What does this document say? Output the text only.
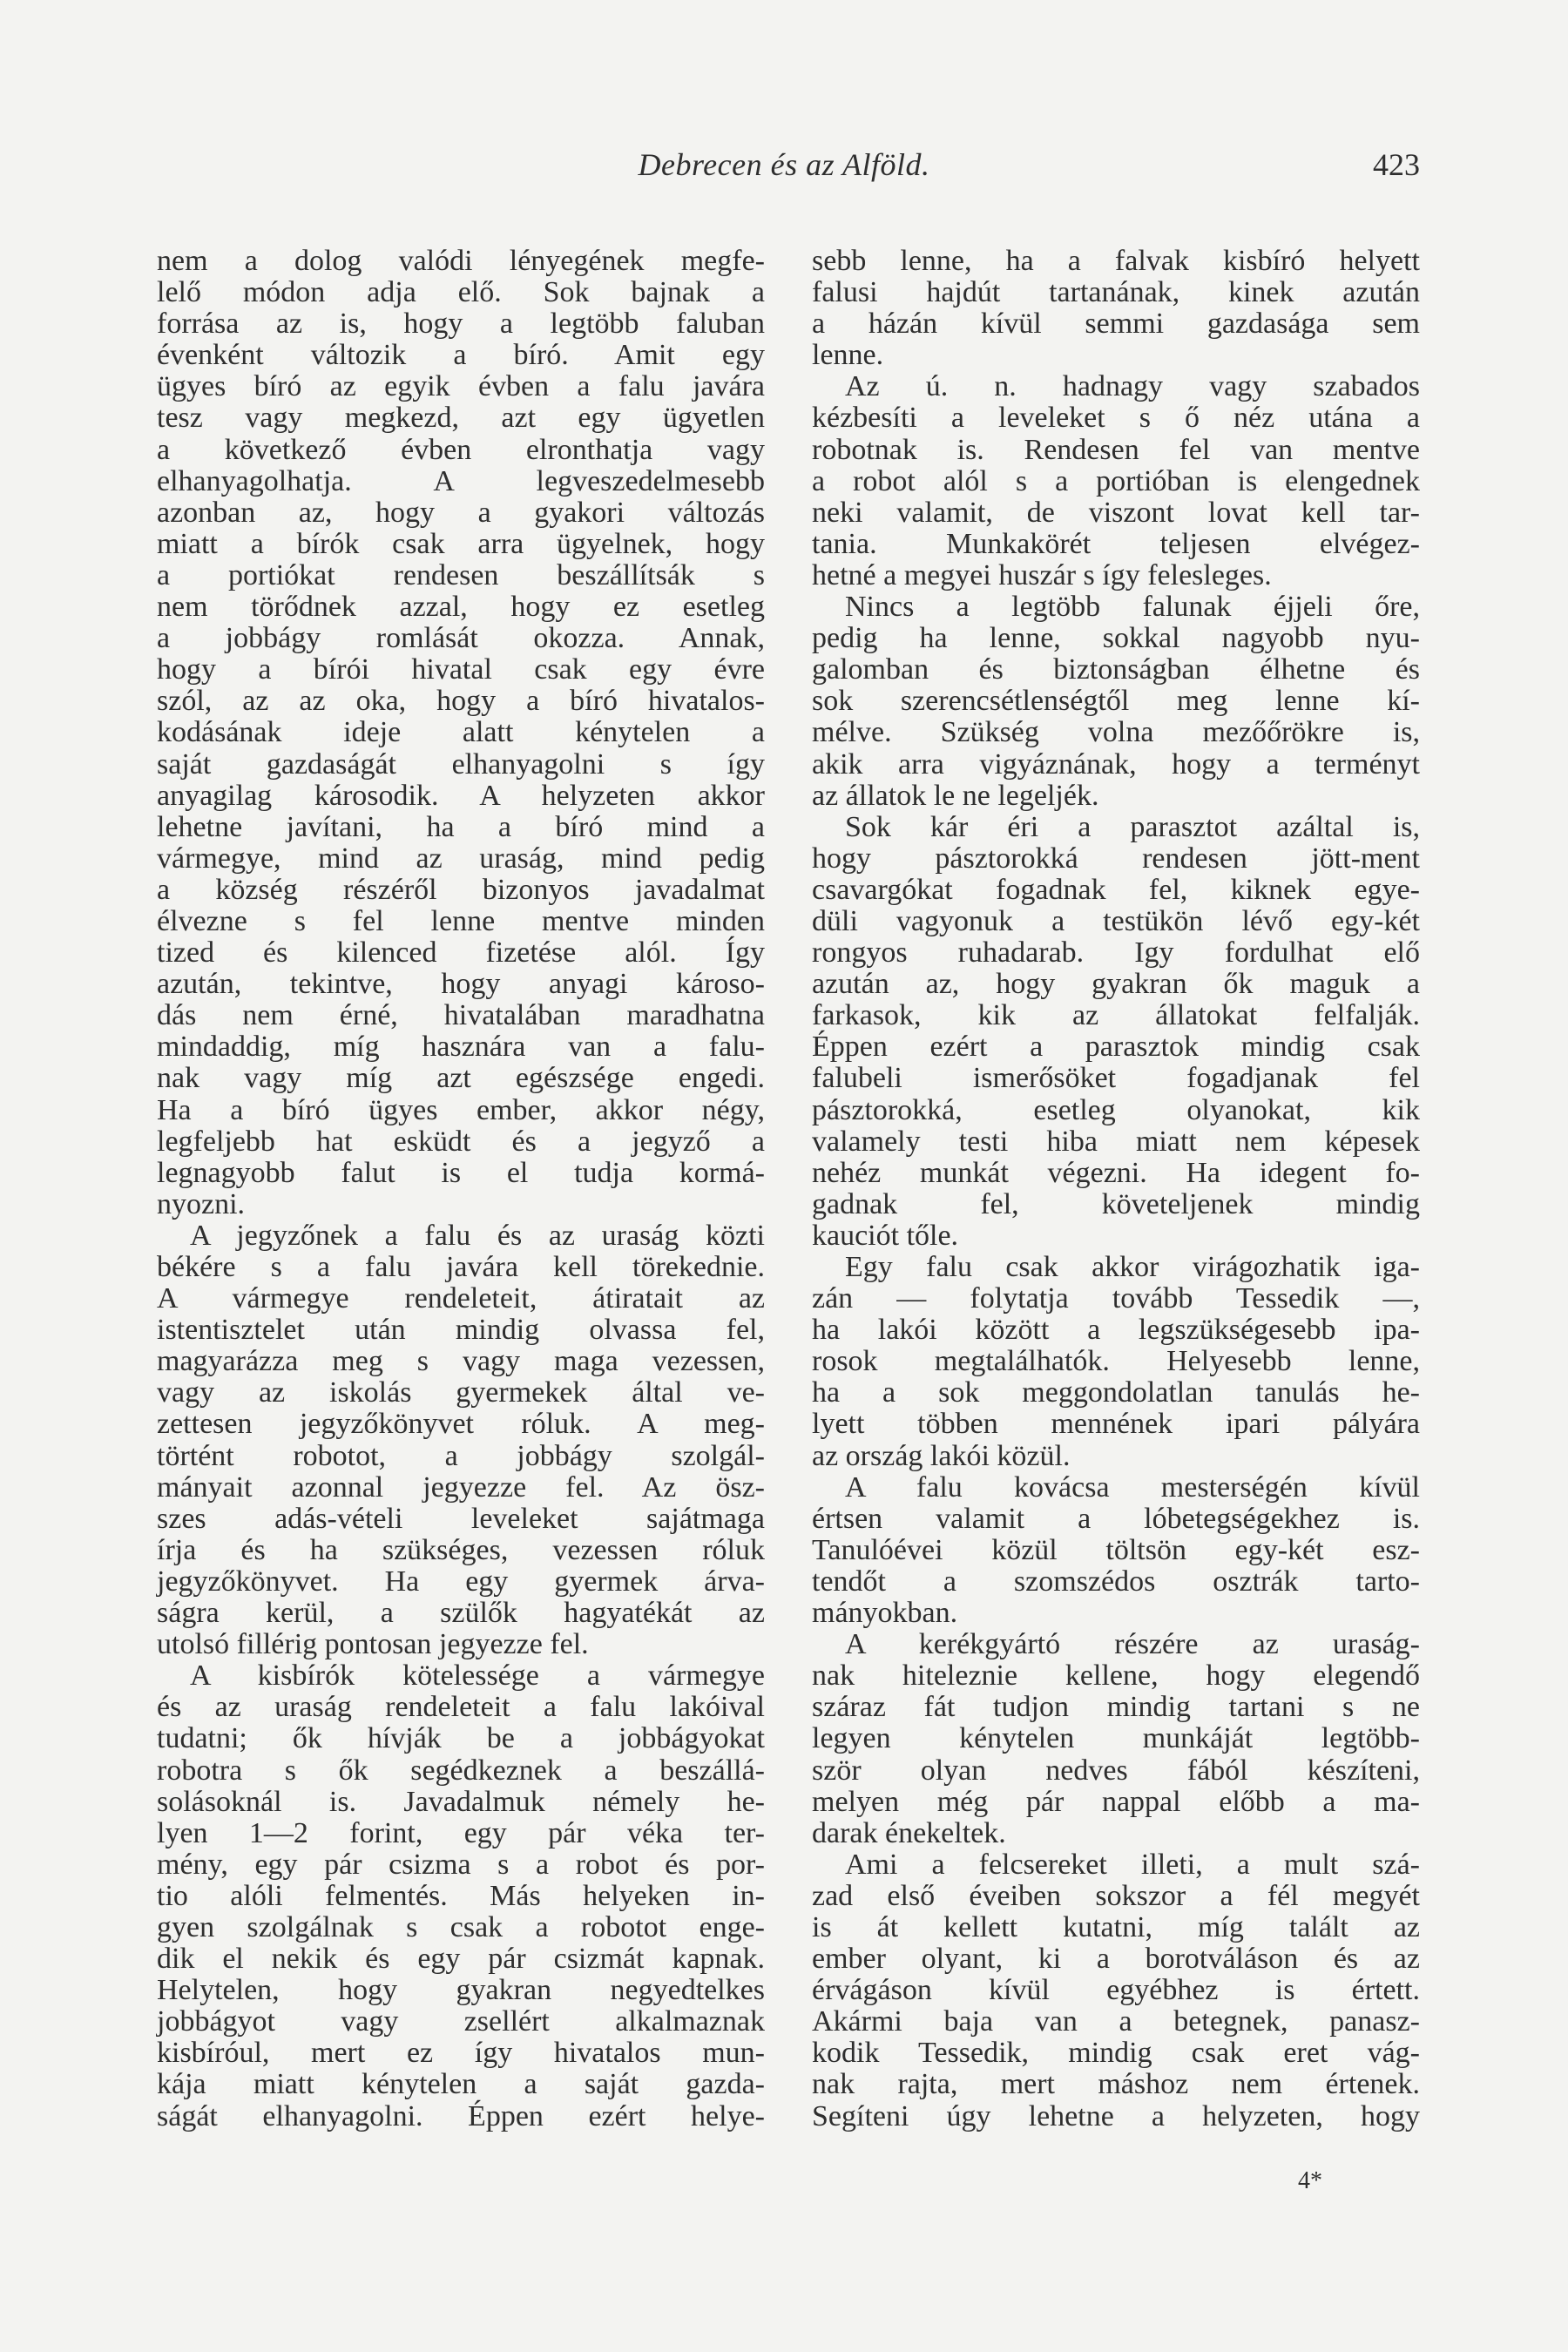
Debrecen és az Alföld.	423
nem a dolog valódi lényegének megfe-
lelő módon adja elő. Sok bajnak a
forrása az is, hogy a legtöbb faluban
évenként változik a bíró. Amit egy
ügyes bíró az egyik évben a falu javára
tesz vagy megkezd, azt egy ügyetlen
a következő évben elronthatja vagy
elhanyagolhatja. A legveszedelmesebb
azonban az, hogy a gyakori változás
miatt a bírók csak arra ügyelnek, hogy
a portiókat rendesen beszállítsák s
nem törődnek azzal, hogy ez esetleg
a jobbágy romlását okozza. Annak,
hogy a bírói hivatal csak egy évre
szól, az az oka, hogy a bíró hivatalos-
kodásának ideje alatt kénytelen a
saját gazdaságát elhanyagolni s így
anyagilag károsodik. A helyzeten akkor
lehetne javítani, ha a bíró mind a
vármegye, mind az uraság, mind pedig
a község részéről bizonyos javadalmat
élvezne s fel lenne mentve minden
tized és kilenced fizetése alól. Így
azután, tekintve, hogy anyagi károso-
dás nem érné, hivatalában maradhatna
mindaddig, míg hasznára van a falu-
nak vagy míg azt egészsége engedi.
Ha a bíró ügyes ember, akkor négy,
legfeljebb hat esküdt és a jegyző a
legnagyobb falut is el tudja kormá-
nyozni.
A jegyzőnek a falu és az uraság közti
békére s a falu javára kell törekednie.
A vármegye rendeleteit, átiratait az
istentisztelet után mindig olvassa fel,
magyarázza meg s vagy maga vezessen,
vagy az iskolás gyermekek által ve-
zettesen jegyzőkönyvet róluk. A meg-
történt robotot, a jobbágy szolgál-
mányait azonnal jegyezze fel. Az ösz-
szes adás-vételi leveleket sajátmaga
írja és ha szükséges, vezessen róluk
jegyzőkönyvet. Ha egy gyermek árva-
ságra kerül, a szülők hagyatékát az
utolsó fillérig pontosan jegyezze fel.
A kisbírók kötelessége a vármegye
és az uraság rendeleteit a falu lakóival
tudatni; ők hívják be a jobbágyokat
robotra s ők segédkeznek a beszállá-
solásoknál is. Javadalmuk némely he-
lyen 1—2 forint, egy pár véka ter-
mény, egy pár csizma s a robot és por-
tio alóli felmentés. Más helyeken in-
gyen szolgálnak s csak a robotot enge-
dik el nekik és egy pár csizmát kapnak.
Helytelen, hogy gyakran negyedtelkes
jobbágyot vagy zsellért alkalmaznak
kisbíróul, mert ez így hivatalos mun-
kája miatt kénytelen a saját gazda-
ságát elhanyagolni. Éppen ezért helye-
sebb lenne, ha a falvak kisbíró helyett
falusi hajdút tartanának, kinek azután
a házán kívül semmi gazdasága sem
lenne.
Az ú. n. hadnagy vagy szabados
kézbesíti a leveleket s ő néz utána a
robotnak is. Rendesen fel van mentve
a robot alól s a portióban is elengednek
neki valamit, de viszont lovat kell tar-
tania. Munkakörét teljesen elvégez-
hetné a megyei huszár s így felesleges.
Nincs a legtöbb falunak éjjeli őre,
pedig ha lenne, sokkal nagyobb nyu-
galomban és biztonságban élhetne és
sok szerencsétlenségtől meg lenne kí-
mélve. Szükség volna mezőőrökre is,
akik arra vigyáznának, hogy a terményt
az állatok le ne legeljék.
Sok kár éri a parasztot azáltal is,
hogy pásztorokká rendesen jött-ment
csavargókat fogadnak fel, kiknek egye-
düli vagyonuk a testükön lévő egy-két
rongyos ruhadarab. Igy fordulhat elő
azután az, hogy gyakran ők maguk a
farkasok, kik az állatokat felfalják.
Éppen ezért a parasztok mindig csak
falubeli ismerősöket fogadjanak fel
pásztorokká, esetleg olyanokat, kik
valamely testi hiba miatt nem képesek
nehéz munkát végezni. Ha idegent fo-
gadnak fel, követeljenek mindig
kauciót tőle.
Egy falu csak akkor virágozhatik iga-
zán — folytatja tovább Tessedik —,
ha lakói között a legszükségesebb ipa-
rosok megtalálhatók. Helyesebb lenne,
ha a sok meggondolatlan tanulás he-
lyett többen mennének ipari pályára
az ország lakói közül.
A falu kovácsa mesterségén kívül
értsen valamit a lóbetegségekhez is.
Tanulóévei közül töltsön egy-két esz-
tendőt a szomszédos osztrák tarto-
mányokban.
A kerékgyártó részére az uraság-
nak hiteleznie kellene, hogy elegendő
száraz fát tudjon mindig tartani s ne
legyen kénytelen munkáját legtöbb-
ször olyan nedves fából készíteni,
melyen még pár nappal előbb a ma-
darak énekeltek.
Ami a felcsereket illeti, a mult szá-
zad első éveiben sokszor a fél megyét
is át kellett kutatni, míg talált az
ember olyant, ki a borotváláson és az
érvágáson kívül egyébhez is értett.
Akármi baja van a betegnek, panasz-
kodik Tessedik, mindig csak eret vág-
nak rajta, mert máshoz nem értenek.
Segíteni úgy lehetne a helyzeten, hogy
4*
